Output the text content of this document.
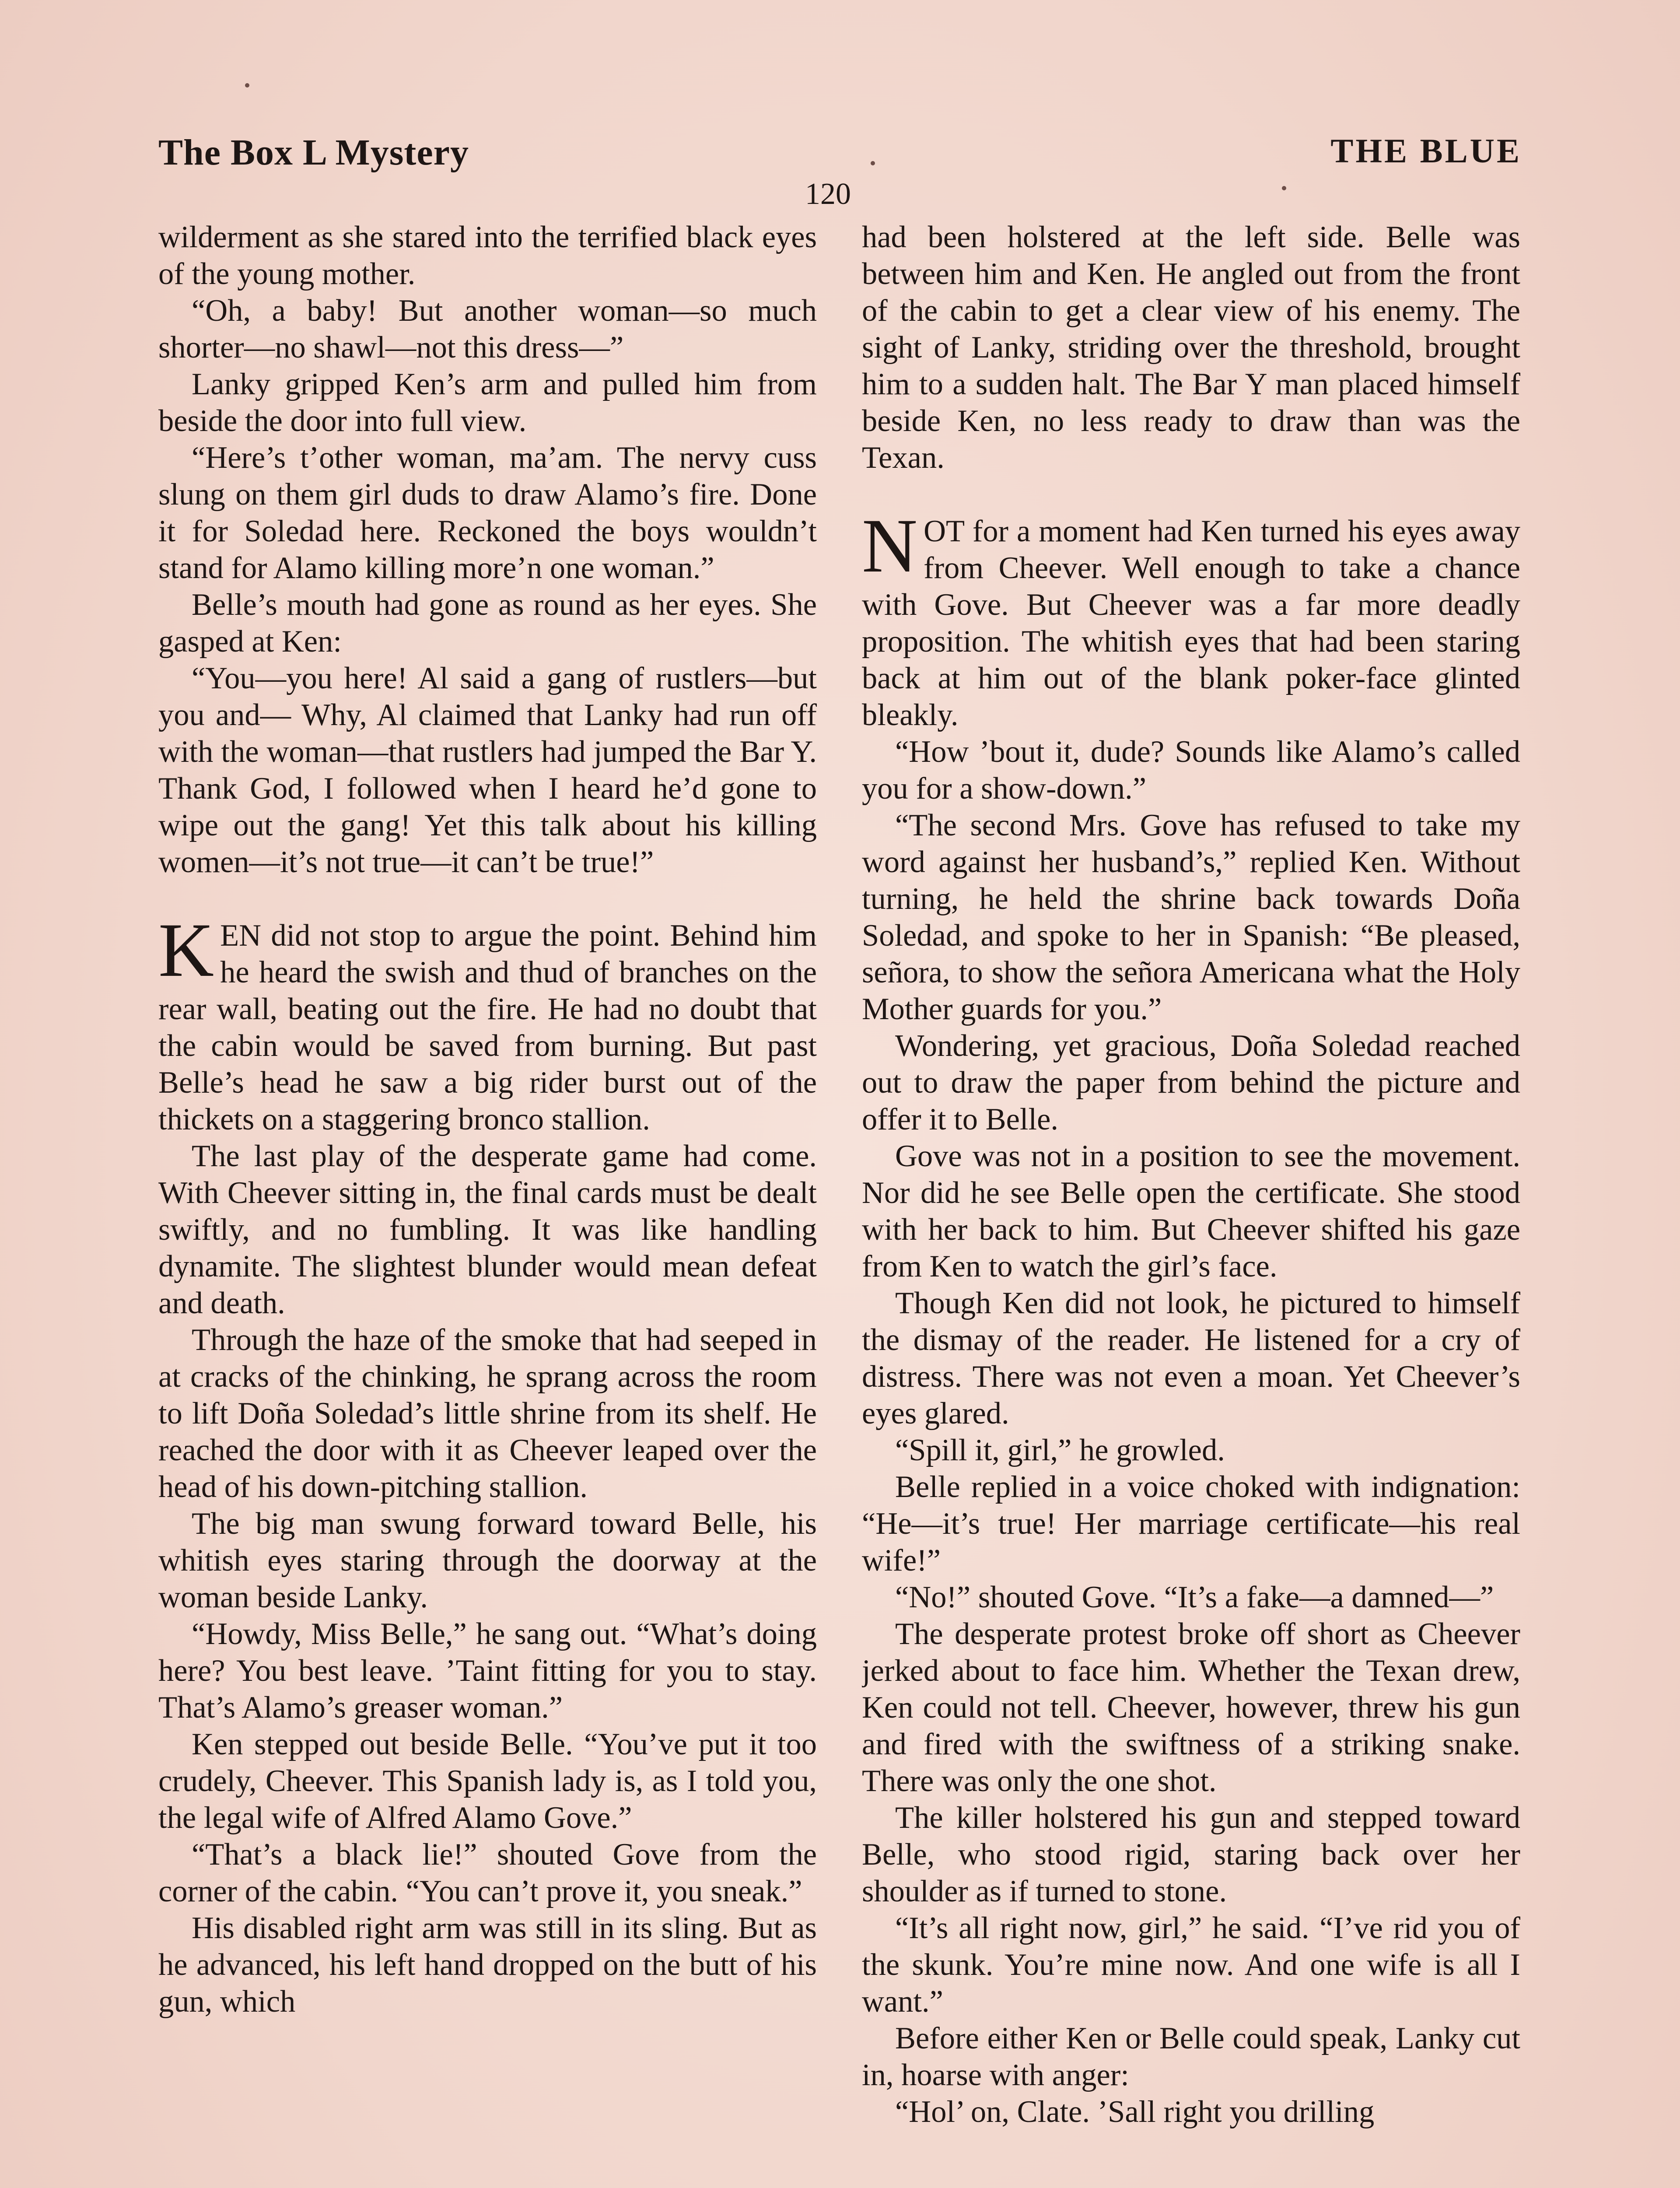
The Box L Mystery	THE BLUE
120

wilderment as she stared into the terrified black eyes of the young mother.

“Oh, a baby! But another woman—so much shorter—no shawl—not this dress—”

Lanky gripped Ken’s arm and pulled him from beside the door into full view.

“Here’s t’other woman, ma’am. The nervy cuss slung on them girl duds to draw Alamo’s fire. Done it for Soledad here. Reckoned the boys wouldn’t stand for Alamo killing more’n one woman.”

Belle’s mouth had gone as round as her eyes. She gasped at Ken:

“You—you here! Al said a gang of rustlers—but you and— Why, Al claimed that Lanky had run off with the woman—that rustlers had jumped the Bar Y. Thank God, I followed when I heard he’d gone to wipe out the gang! Yet this talk about his killing women—it’s not true—it can’t be true!”

KEN did not stop to argue the point. Behind him he heard the swish and thud of branches on the rear wall, beating out the fire. He had no doubt that the cabin would be saved from burning. But past Belle’s head he saw a big rider burst out of the thickets on a staggering bronco stallion.

The last play of the desperate game had come. With Cheever sitting in, the final cards must be dealt swiftly, and no fumbling. It was like handling dynamite. The slightest blunder would mean defeat and death.

Through the haze of the smoke that had seeped in at cracks of the chinking, he sprang across the room to lift Doña Soledad’s little shrine from its shelf. He reached the door with it as Cheever leaped over the head of his down-pitching stallion.

The big man swung forward toward Belle, his whitish eyes staring through the doorway at the woman beside Lanky.

“Howdy, Miss Belle,” he sang out. “What’s doing here? You best leave. ’Taint fitting for you to stay. That’s Alamo’s greaser woman.”

Ken stepped out beside Belle. “You’ve put it too crudely, Cheever. This Spanish lady is, as I told you, the legal wife of Alfred Alamo Gove.”

“That’s a black lie!” shouted Gove from the corner of the cabin. “You can’t prove it, you sneak.”

His disabled right arm was still in its sling. But as he advanced, his left hand dropped on the butt of his gun, which

had been holstered at the left side. Belle was between him and Ken. He angled out from the front of the cabin to get a clear view of his enemy. The sight of Lanky, striding over the threshold, brought him to a sudden halt. The Bar Y man placed himself beside Ken, no less ready to draw than was the Texan.

NOT for a moment had Ken turned his eyes away from Cheever. Well enough to take a chance with Gove. But Cheever was a far more deadly proposition. The whitish eyes that had been staring back at him out of the blank poker-face glinted bleakly.

“How ’bout it, dude? Sounds like Alamo’s called you for a show-down.”

“The second Mrs. Gove has refused to take my word against her husband’s,” replied Ken. Without turning, he held the shrine back towards Doña Soledad, and spoke to her in Spanish: “Be pleased, señora, to show the señora Americana what the Holy Mother guards for you.”

Wondering, yet gracious, Doña Soledad reached out to draw the paper from behind the picture and offer it to Belle.

Gove was not in a position to see the movement. Nor did he see Belle open the certificate. She stood with her back to him. But Cheever shifted his gaze from Ken to watch the girl’s face.

Though Ken did not look, he pictured to himself the dismay of the reader. He listened for a cry of distress. There was not even a moan. Yet Cheever’s eyes glared.

“Spill it, girl,” he growled.

Belle replied in a voice choked with indignation: “He—it’s true! Her marriage certificate—his real wife!”

“No!” shouted Gove. “It’s a fake—a damned—”

The desperate protest broke off short as Cheever jerked about to face him. Whether the Texan drew, Ken could not tell. Cheever, however, threw his gun and fired with the swiftness of a striking snake. There was only the one shot.

The killer holstered his gun and stepped toward Belle, who stood rigid, staring back over her shoulder as if turned to stone.

“It’s all right now, girl,” he said. “I’ve rid you of the skunk. You’re mine now. And one wife is all I want.”

Before either Ken or Belle could speak, Lanky cut in, hoarse with anger:

“Hol’ on, Clate. ’Sall right you drilling
